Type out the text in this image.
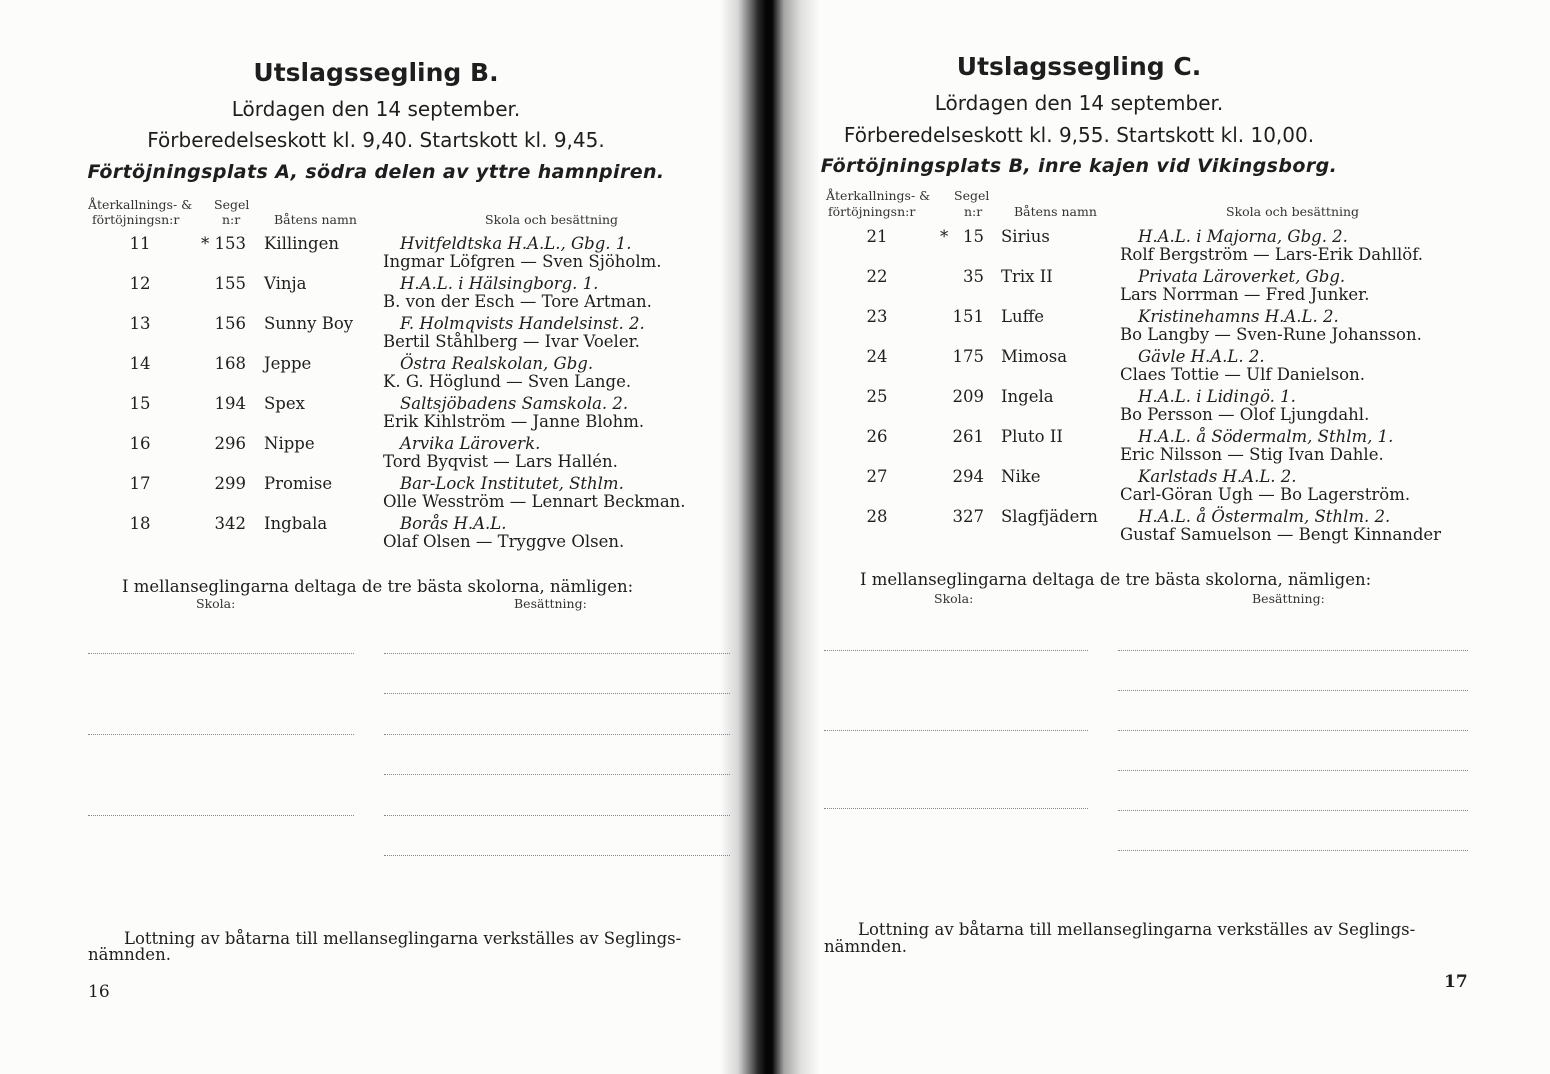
Utslagssegling B.
Lördagen den 14 september.
Förberedelseskott kl. 9,40. Startskott kl. 9,45.
Förtöjningsplats A, södra delen av yttre hamnpiren.
Återkallnings- &
förtöjningsn:r
Segel
n:r	Båtens namn	Skola och besättning
11	* 153 Killingen	Hvitfeldtska H.A.L., Gbg. 1.
Ingmar Löfgren — Sven Sjöholm.
12	155 Vinja	H.A.L. i Hälsingborg. 1.
B. von der Esch — Tore Artman.
13	156 Sunny Boy	F. Holmqvists Handelsinst. 2.
Bertil Ståhlberg — Ivar Voeler.
14	168 Jeppe	Östra Realskolan, Gbg.
K. G. Höglund — Sven Lange.
15	194 Spex	Saltsjöbadens Samskola. 2.
Erik Kihlström — Janne Blohm.
16	296 Nippe	Arvika Läroverk.
Tord Byqvist — Lars Hallén.
17	299 Promise	Bar-Lock Institutet, Sthlm.
Olle Wesström — Lennart Beckman.
18	342 Ingbala	Borås H.A.L.
Olaf Olsen — Tryggve Olsen.
I mellanseglingarna deltaga de tre bästa skolorna, nämligen:
Skola:	Besättning:
Lottning av båtarna till mellanseglingarna verkställes av Seglings-
nämnden.
16
Utslagssegling C.
Lördagen den 14 september.
Förberedelseskott kl. 9,55. Startskott kl. 10,00.
Förtöjningsplats B, inre kajen vid Vikingsborg.
Återkallnings- &
förtöjningsn:r
Segel
n:r	Båtens namn	Skola och besättning
21	* 15 Sirius	H.A.L. i Majorna, Gbg. 2.
Rolf Bergström — Lars-Erik Dahllöf.
22	35 Trix II	Privata Läroverket, Gbg.
Lars Norrman — Fred Junker.
23	151 Luffe	Kristinehamns H.A.L. 2.
Bo Langby — Sven-Rune Johansson.
24	175 Mimosa	Gävle H.A.L. 2.
Claes Tottie — Ulf Danielson.
25	209 Ingela	H.A.L. i Lidingö. 1.
Bo Persson — Olof Ljungdahl.
26	261 Pluto II	H.A.L. å Södermalm, Sthlm, 1.
Eric Nilsson — Stig Ivan Dahle.
27	294 Nike	Karlstads H.A.L. 2.
Carl-Göran Ugh — Bo Lagerström.
28	327 Slagfjädern	H.A.L. å Östermalm, Sthlm. 2.
Gustaf Samuelson — Bengt Kinnander
I mellanseglingarna deltaga de tre bästa skolorna, nämligen:
Skola:	Besättning:
Lottning av båtarna till mellanseglingarna verkställes av Seglings-
nämnden.
17
